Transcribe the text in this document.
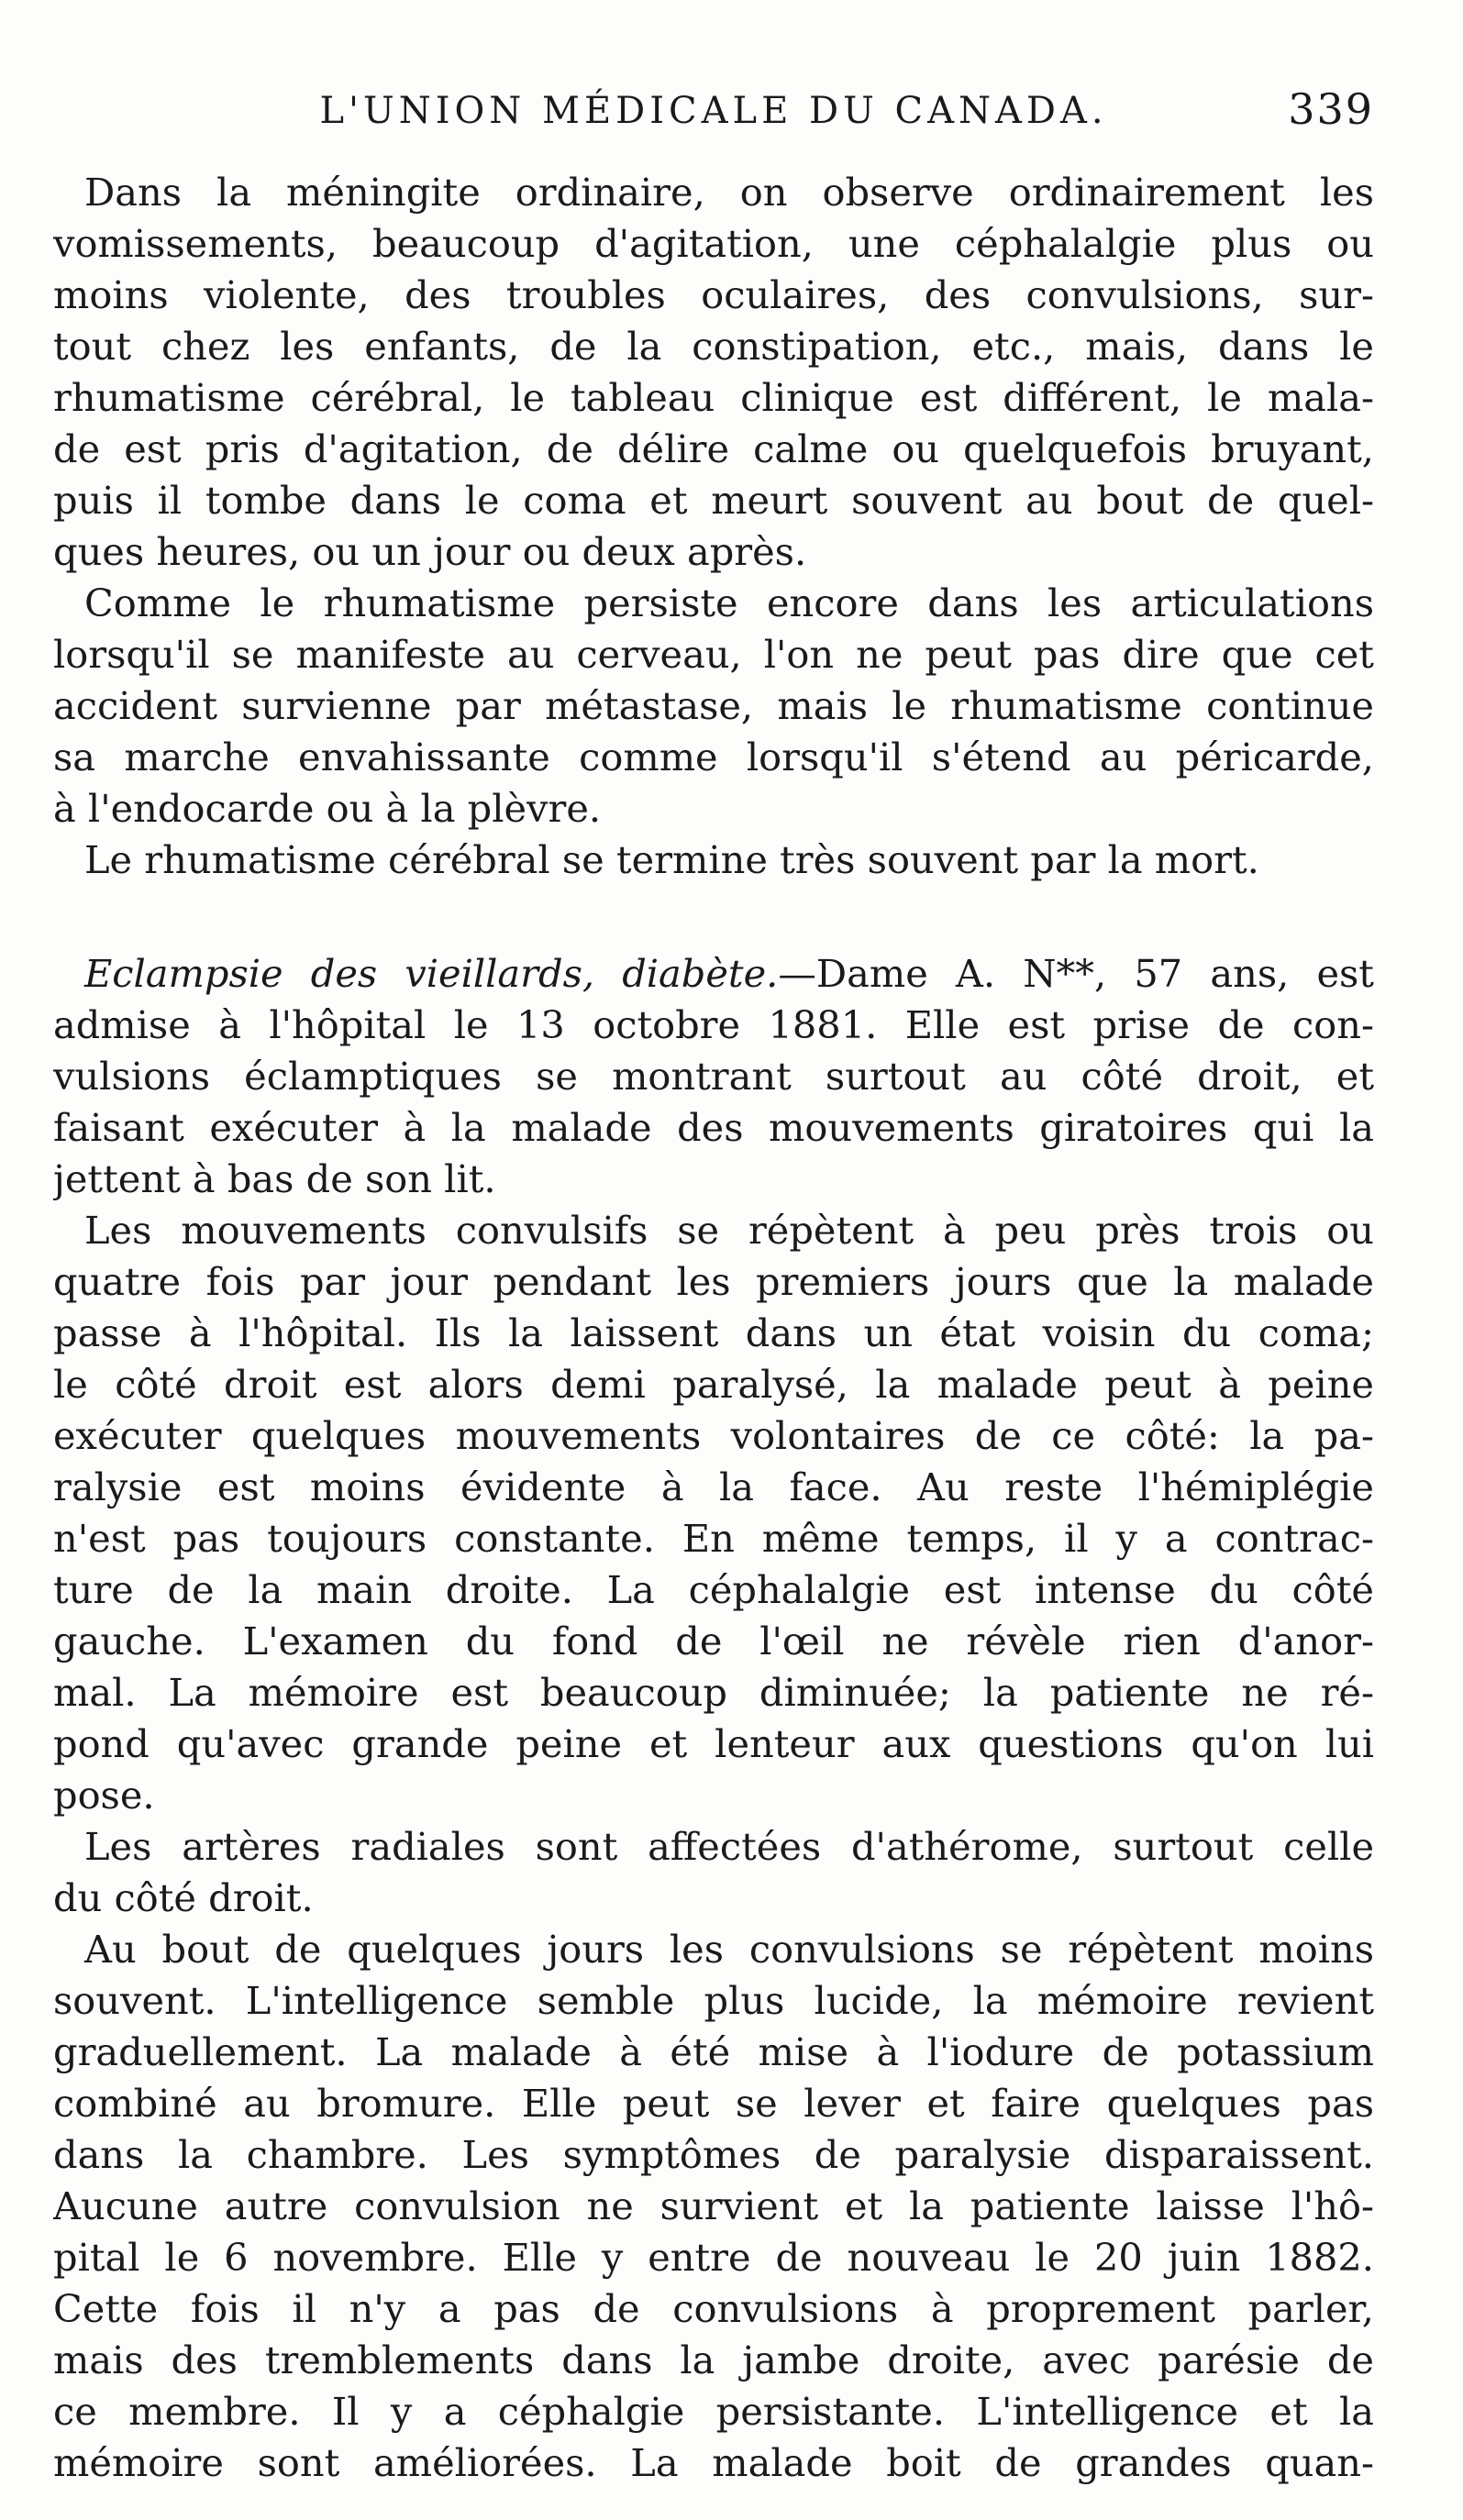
L'UNION MÉDICALE DU CANADA.	339
Dans la méningite ordinaire, on observe ordinairement les
vomissements, beaucoup d'agitation, une céphalalgie plus ou
moins violente, des troubles oculaires, des convulsions, sur-
tout chez les enfants, de la constipation, etc., mais, dans le
rhumatisme cérébral, le tableau clinique est différent, le mala-
de est pris d'agitation, de délire calme ou quelquefois bruyant,
puis il tombe dans le coma et meurt souvent au bout de quel-
ques heures, ou un jour ou deux après.
Comme le rhumatisme persiste encore dans les articulations
lorsqu'il se manifeste au cerveau, l'on ne peut pas dire que cet
accident survienne par métastase, mais le rhumatisme continue
sa marche envahissante comme lorsqu'il s'étend au péricarde,
à l'endocarde ou à la plèvre.
Le rhumatisme cérébral se termine très souvent par la mort.
Eclampsie des vieillards, diabète.—Dame A. N**, 57 ans, est
admise à l'hôpital le 13 octobre 1881. Elle est prise de con-
vulsions éclamptiques se montrant surtout au côté droit, et
faisant exécuter à la malade des mouvements giratoires qui la
jettent à bas de son lit.
Les mouvements convulsifs se répètent à peu près trois ou
quatre fois par jour pendant les premiers jours que la malade
passe à l'hôpital. Ils la laissent dans un état voisin du coma;
le côté droit est alors demi paralysé, la malade peut à peine
exécuter quelques mouvements volontaires de ce côté: la pa-
ralysie est moins évidente à la face. Au reste l'hémiplégie
n'est pas toujours constante. En même temps, il y a contrac-
ture de la main droite. La céphalalgie est intense du côté
gauche. L'examen du fond de l'œil ne révèle rien d'anor-
mal. La mémoire est beaucoup diminuée; la patiente ne ré-
pond qu'avec grande peine et lenteur aux questions qu'on lui
pose.
Les artères radiales sont affectées d'athérome, surtout celle
du côté droit.
Au bout de quelques jours les convulsions se répètent moins
souvent. L'intelligence semble plus lucide, la mémoire revient
graduellement. La malade à été mise à l'iodure de potassium
combiné au bromure. Elle peut se lever et faire quelques pas
dans la chambre. Les symptômes de paralysie disparaissent.
Aucune autre convulsion ne survient et la patiente laisse l'hô-
pital le 6 novembre. Elle y entre de nouveau le 20 juin 1882.
Cette fois il n'y a pas de convulsions à proprement parler,
mais des tremblements dans la jambe droite, avec parésie de
ce membre. Il y a céphalgie persistante. L'intelligence et la
mémoire sont améliorées. La malade boit de grandes quan-
